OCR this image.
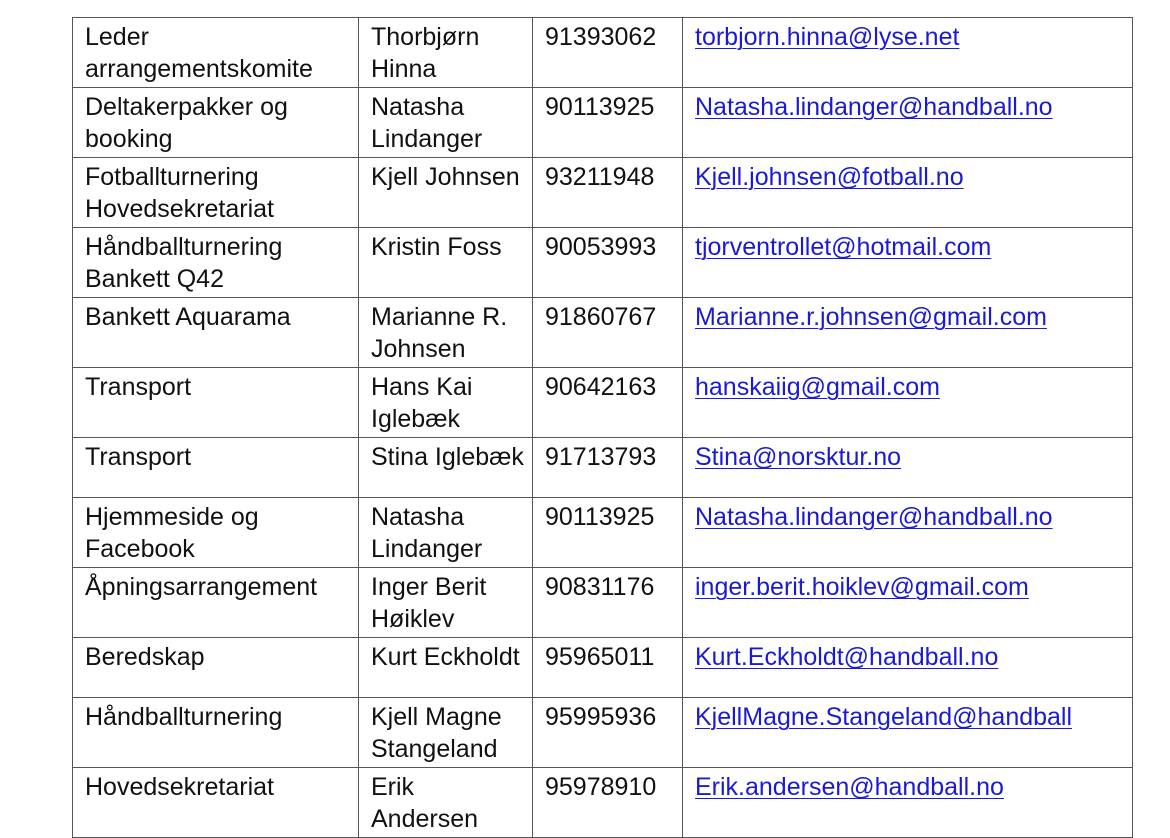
Leder arrangementskomite	Thorbjørn Hinna	91393062	torbjorn.hinna@lyse.net
Deltakerpakker og booking	Natasha Lindanger	90113925	Natasha.lindanger@handball.no
Fotballturnering Hovedsekretariat	Kjell Johnsen	93211948	Kjell.johnsen@fotball.no
Håndballturnering Bankett Q42	Kristin Foss	90053993	tjorventrollet@hotmail.com
Bankett Aquarama	Marianne R. Johnsen	91860767	Marianne.r.johnsen@gmail.com
Transport	Hans Kai Iglebæk	90642163	hanskaiig@gmail.com
Transport	Stina Iglebæk	91713793	Stina@norsktur.no
Hjemmeside og Facebook	Natasha Lindanger	90113925	Natasha.lindanger@handball.no
Åpningsarrangement	Inger Berit Høiklev	90831176	inger.berit.hoiklev@gmail.com
Beredskap	Kurt Eckholdt	95965011	Kurt.Eckholdt@handball.no
Håndballturnering	Kjell Magne Stangeland	95995936	KjellMagne.Stangeland@handball
Hovedsekretariat	Erik Andersen	95978910	Erik.andersen@handball.no
